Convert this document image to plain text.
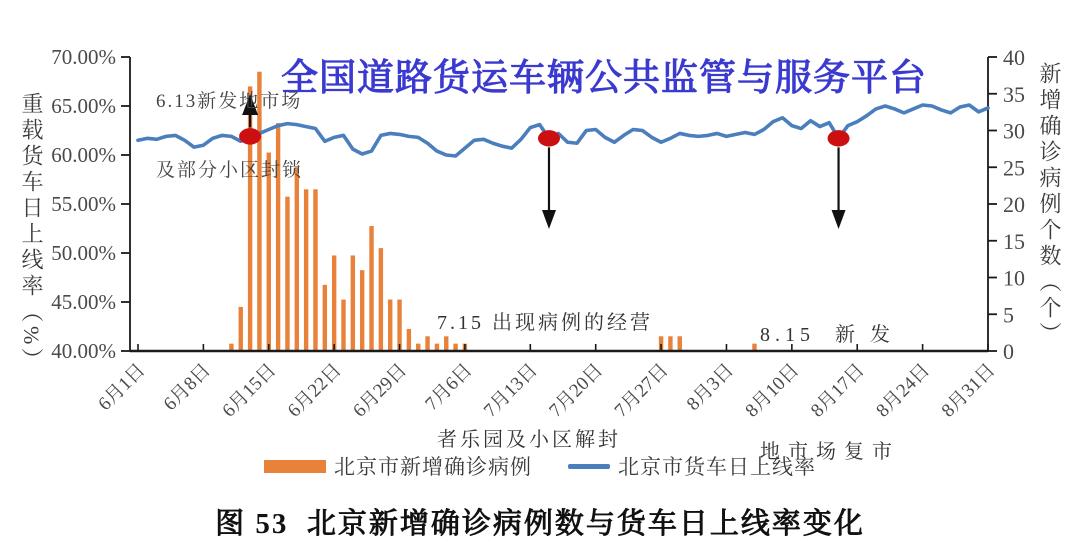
70.00%
65.00%
60.00%
55.00%
50.00%
45.00%
40.00%
40
35
30
25
20
15
10
5
0
6月1日 6月8日 6月15日 6月22日 6月29日 7月6日 7月13日 7月20日 7月27日 8月3日 8月10日 8月17日 8月24日 8月31日
重载货车日上线率（%）	新增确诊病例个数（个）

6.13新发地市场

及部分小区封锁

7.15 出现病例的经营

者乐园及小区解封

8.15  新 发

地市场复市

全国道路货运车辆公共监管与服务平台
北京市新增确诊病例	北京市货车日上线率
图 53 北京新增确诊病例数与货车日上线率变化
